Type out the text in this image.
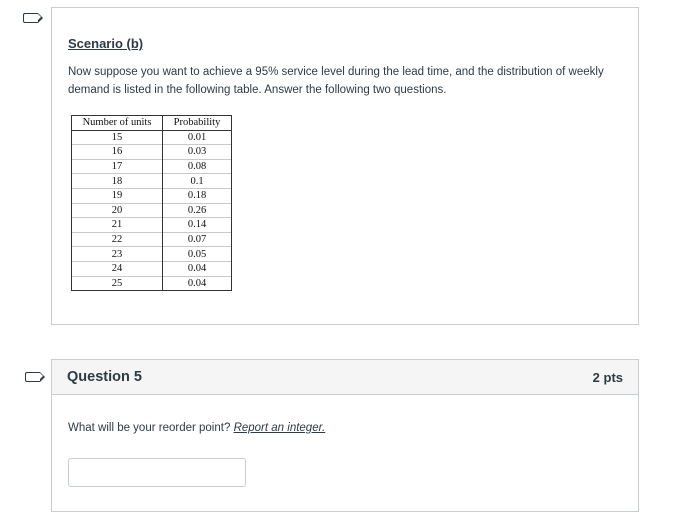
Scenario (b)
Now suppose you want to achieve a 95% service level during the lead time, and the distribution of weekly demand is listed in the following table. Answer the following two questions.
Number of units	Probability
15	0.01
16	0.03
17	0.08
18	0.1
19	0.18
20	0.26
21	0.14
22	0.07
23	0.05
24	0.04
25	0.04
Question 5	2 pts
What will be your reorder point? Report an integer.
